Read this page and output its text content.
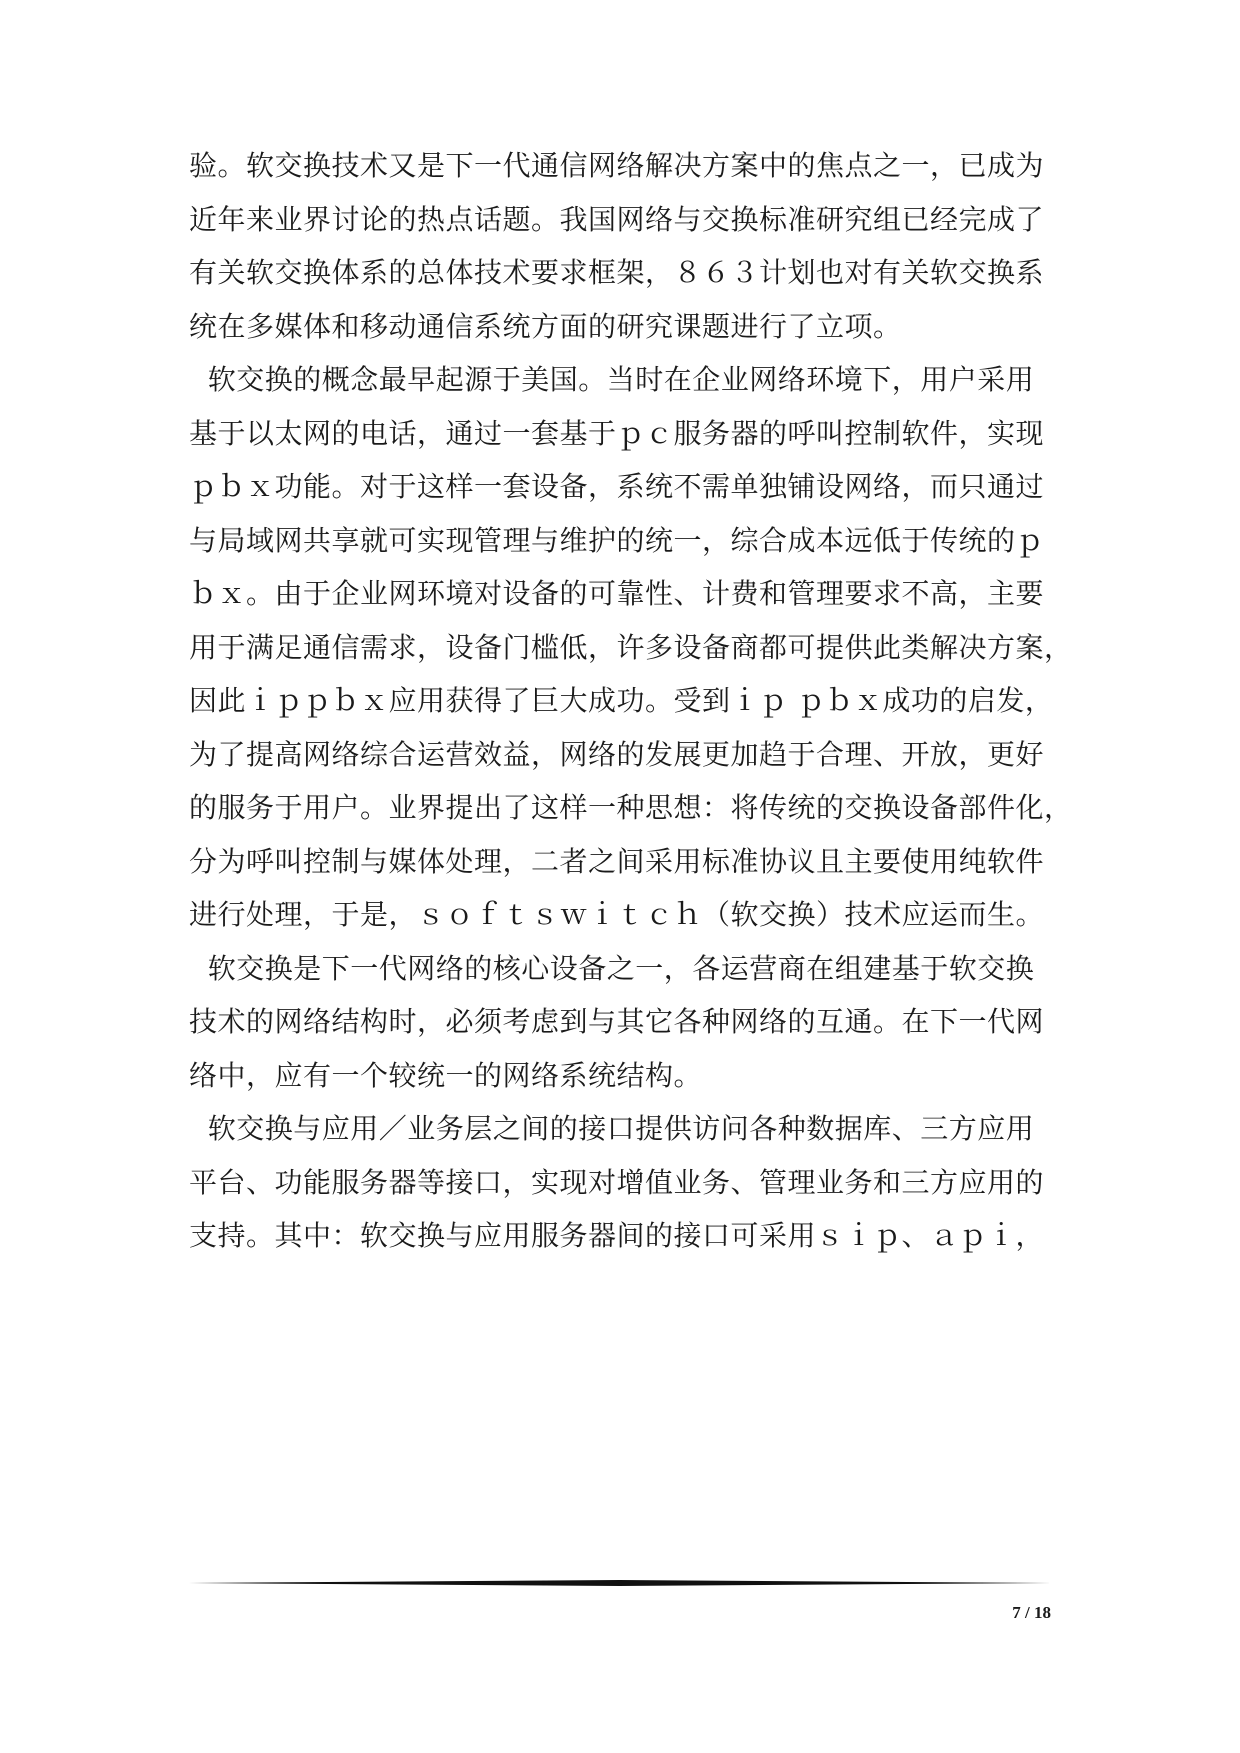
验。软交换技术又是下一代通信网络解决方案中的焦点之一，已成为
近年来业界讨论的热点话题。我国网络与交换标准研究组已经完成了
有关软交换体系的总体技术要求框架，８６３计划也对有关软交换系
统在多媒体和移动通信系统方面的研究课题进行了立项。
软交换的概念最早起源于美国。当时在企业网络环境下，用户采用
基于以太网的电话，通过一套基于ｐｃ服务器的呼叫控制软件，实现
ｐｂｘ功能。对于这样一套设备，系统不需单独铺设网络，而只通过
与局域网共享就可实现管理与维护的统一，综合成本远低于传统的ｐ
ｂｘ。由于企业网环境对设备的可靠性、计费和管理要求不高，主要
用于满足通信需求，设备门槛低，许多设备商都可提供此类解决方案，
因此ｉｐｐｂｘ应用获得了巨大成功。受到ｉｐ ｐｂｘ成功的启发，
为了提高网络综合运营效益，网络的发展更加趋于合理、开放，更好
的服务于用户。业界提出了这样一种思想：将传统的交换设备部件化，
分为呼叫控制与媒体处理，二者之间采用标准协议且主要使用纯软件
进行处理，于是，ｓｏｆｔｓｗｉｔｃｈ（软交换）技术应运而生。
软交换是下一代网络的核心设备之一，各运营商在组建基于软交换
技术的网络结构时，必须考虑到与其它各种网络的互通。在下一代网
络中，应有一个较统一的网络系统结构。
软交换与应用／业务层之间的接口提供访问各种数据库、三方应用
平台、功能服务器等接口，实现对增值业务、管理业务和三方应用的
支持。其中：软交换与应用服务器间的接口可采用ｓｉｐ、ａｐｉ，
7 / 18
